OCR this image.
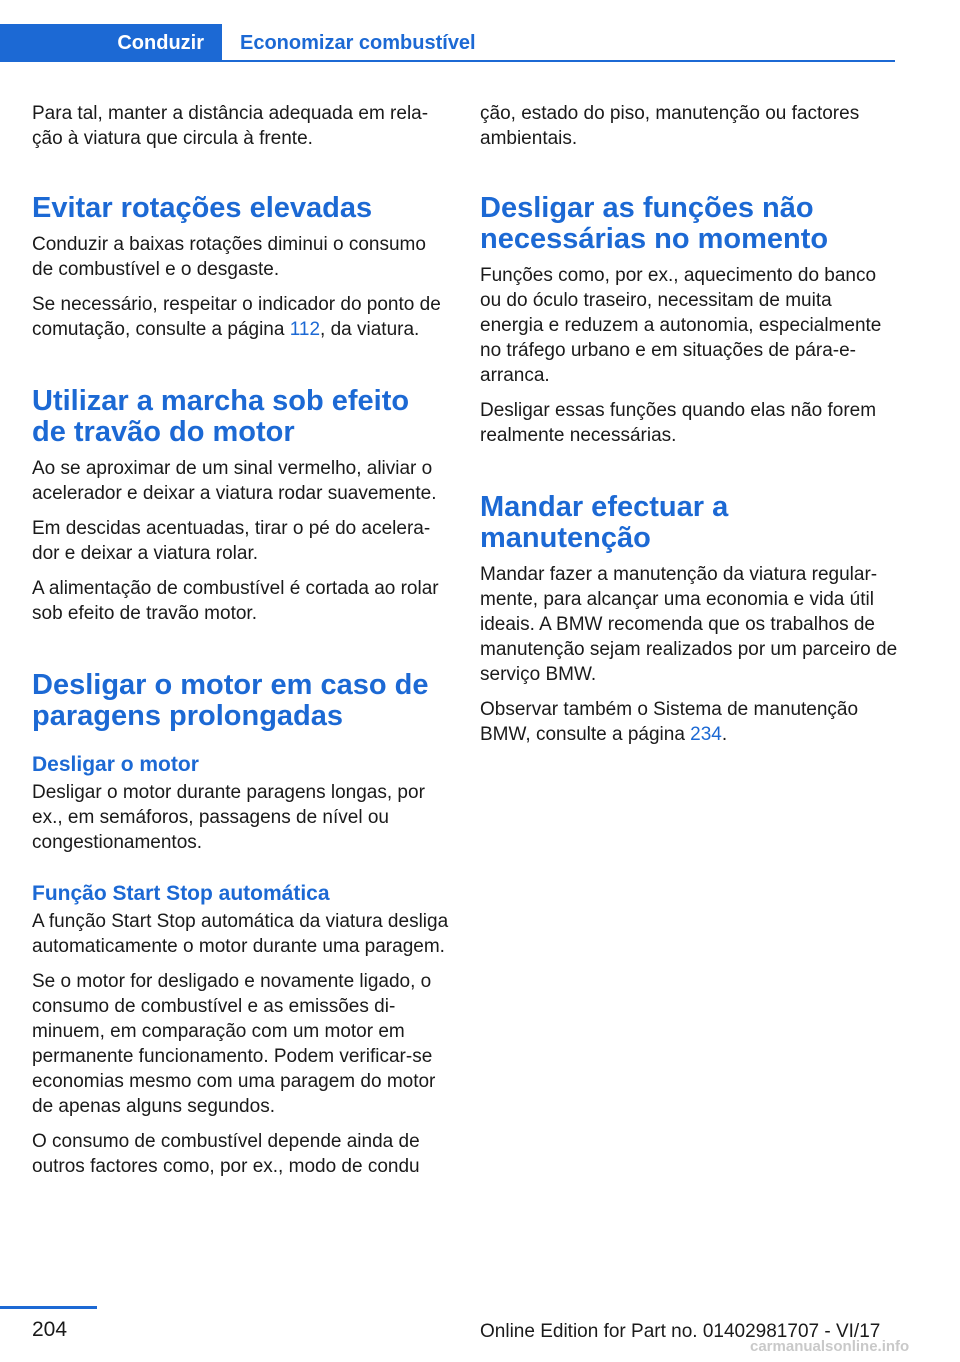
Conduzir	Economizar combustível

Para tal, manter a distância adequada em relação à viatura que circula à frente.

Evitar rotações elevadas

Conduzir a baixas rotações diminui o consumo de combustível e o desgaste.

Se necessário, respeitar o indicador do ponto de comutação, consulte a página 112, da viatura.

Utilizar a marcha sob efeito de travão do motor

Ao se aproximar de um sinal vermelho, aliviar o acelerador e deixar a viatura rodar suavemente.

Em descidas acentuadas, tirar o pé do acelerador e deixar a viatura rolar.

A alimentação de combustível é cortada ao rolar sob efeito de travão motor.

Desligar o motor em caso de paragens prolongadas
Desligar o motor

Desligar o motor durante paragens longas, por ex., em semáforos, passagens de nível ou congestionamentos.

Função Start Stop automática

A função Start Stop automática da viatura desliga automaticamente o motor durante uma paragem.

Se o motor for desligado e novamente ligado, o consumo de combustível e as emissões diminuem, em comparação com um motor em permanente funcionamento. Podem verificar-se economias mesmo com uma paragem do motor de apenas alguns segundos.

O consumo de combustível depende ainda de outros factores como, por ex., modo de condu

ção, estado do piso, manutenção ou factores ambientais.

Desligar as funções não necessárias no momento

Funções como, por ex., aquecimento do banco ou do óculo traseiro, necessitam de muita energia e reduzem a autonomia, especialmente no tráfego urbano e em situações de pára-e-arranca.

Desligar essas funções quando elas não forem realmente necessárias.

Mandar efectuar a manutenção

Mandar fazer a manutenção da viatura regularmente, para alcançar uma economia e vida útil ideais. A BMW recomenda que os trabalhos de manutenção sejam realizados por um parceiro de serviço BMW.

Observar também o Sistema de manutenção BMW, consulte a página 234.

204	Online Edition for Part no. 01402981707 - VI/17
carmanualsonline.info
